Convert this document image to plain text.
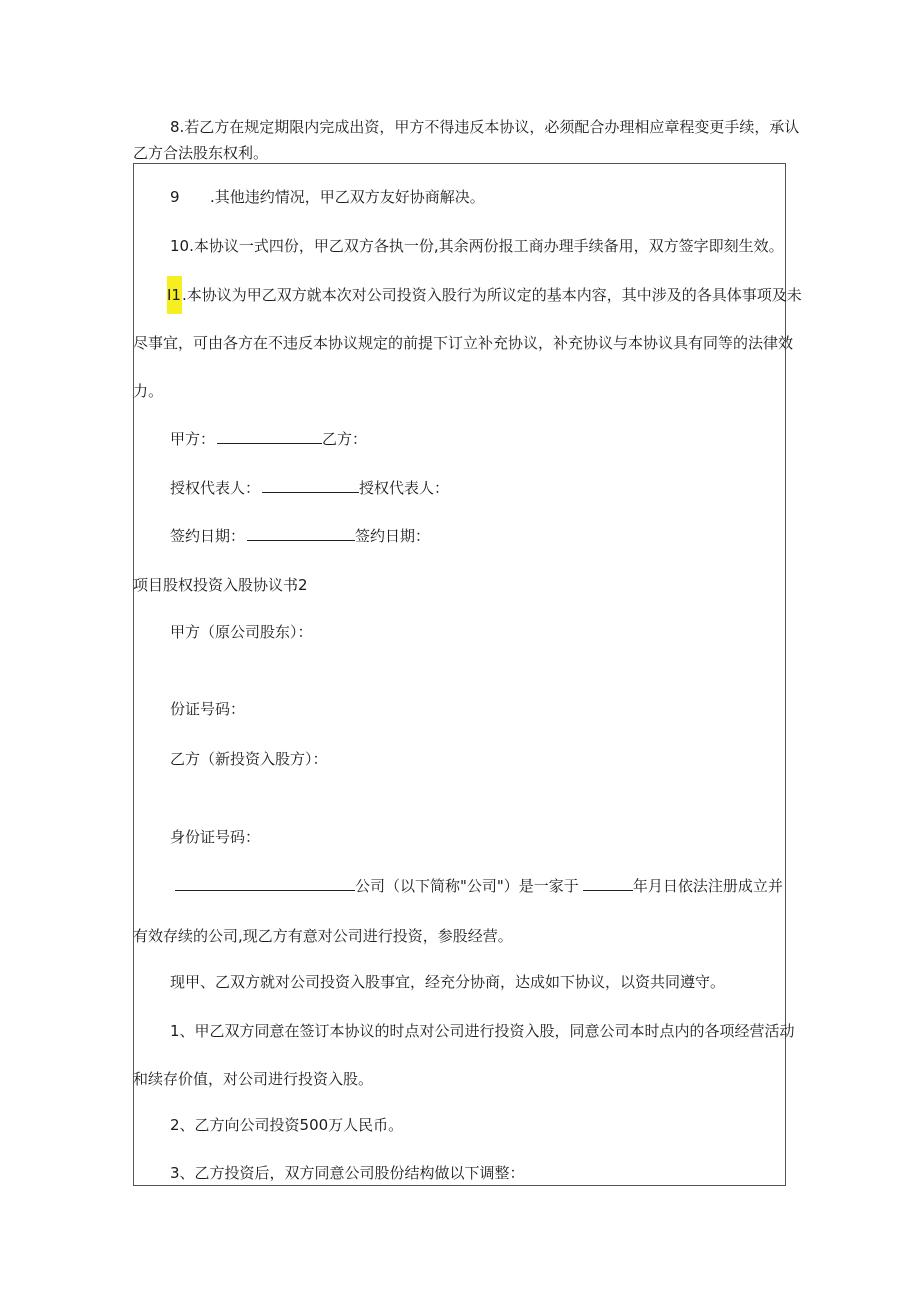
8.若乙方在规定期限内完成出资，甲方不得违反本协议，必须配合办理相应章程变更手续，承认
乙方合法股东权利。
9 .其他违约情况，甲乙双方友好协商解决。
10.本协议一式四份，甲乙双方各执一份,其余两份报工商办理手续备用，双方签字即刻生效。
I1.本协议为甲乙双方就本次对公司投资入股行为所议定的基本内容，其中涉及的各具体事项及未
尽事宜，可由各方在不违反本协议规定的前提下订立补充协议，补充协议与本协议具有同等的法律效
力。
甲方：	乙方：
授权代表人：	授权代表人：
签约日期：	签约日期：
项目股权投资入股协议书2
甲方（原公司股东）：
份证号码：
乙方（新投资入股方）：
身份证号码：
公司（以下简称"公司"）是一家于	年月日依法注册成立并
有效存续的公司,现乙方有意对公司进行投资，参股经营。
现甲、乙双方就对公司投资入股事宜，经充分协商，达成如下协议，以资共同遵守。
1、甲乙双方同意在签订本协议的时点对公司进行投资入股，同意公司本时点内的各项经营活动
和续存价值，对公司进行投资入股。
2、乙方向公司投资500万人民币。
3、乙方投资后，双方同意公司股份结构做以下调整：
